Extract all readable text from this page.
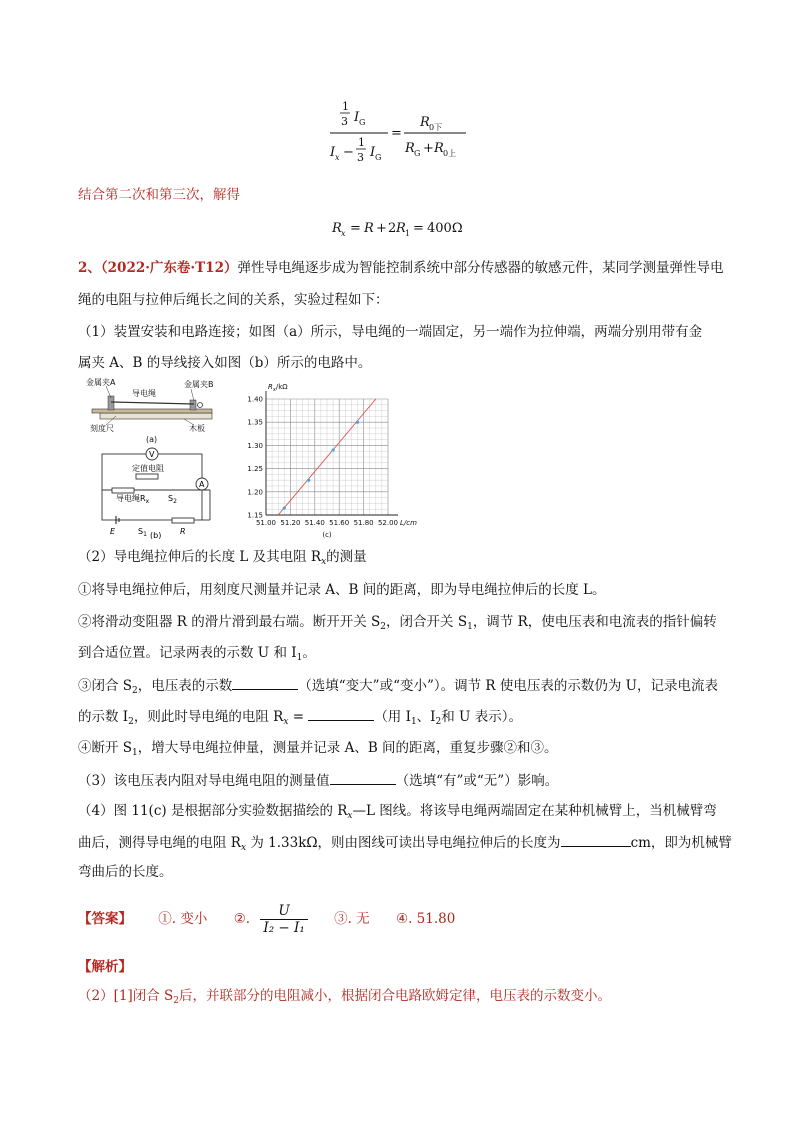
1
3 I G
I x −
1
3 I G
=
R 0下
R G + R 0上
结合第二次和第三次，解得
R x = R + 2 R 1 = 400Ω
2、（2022·广东卷·T12）弹性导电绳逐步成为智能控制系统中部分传感器的敏感元件，某同学测量弹性导电
绳的电阻与拉伸后绳长之间的关系，实验过程如下：
（1）装置安装和电路连接；如图（a）所示，导电绳的一端固定，另一端作为拉伸端，两端分别用带有金
属夹 A、B 的导线接入如图（b）所示的电路中。
金属夹A
导电绳
金属夹B
刻度尺	木板
(a)
V
定值电阻
导电绳$R_x$ $S_2$
A
E	$S_1$	R
(b)
51.00 51.20 51.40 51.60 51.80 52.00
1.15
1.20
1.25
1.30
1.35
1.40
L/cm
$R_x/k\Omega$
(c)
（2）导电绳拉伸后的长度 L 及其电阻 $R_x$的测量
①将导电绳拉伸后，用刻度尺测量并记录 A、B 间的距离，即为导电绳拉伸后的长度 L。
②将滑动变阻器 R 的滑片滑到最右端。断开开关 $S_2$，闭合开关 $S_1$，调节 R，使电压表和电流表的指针偏转
到合适位置。记录两表的示数 U 和 $I_1$。
③闭合 $S_2$，电压表的示数	（选填“变大”或“变小”）。调节 R 使电压表的示数仍为 U，记录电流表
的示数 $I_2$，则此时导电绳的电阻 $R_x$ =	（用 $I_1$、$I_2$和 U 表示）。
④断开 $S_1$，增大导电绳拉伸量，测量并记录 A、B 间的距离，重复步骤②和③。
（3）该电压表内阻对导电绳电阻的测量值	（选填“有”或“无”）影响。
（4）图 11(c) 是根据部分实验数据描绘的 $R_x—L$ 图线。将该导电绳两端固定在某种机械臂上，当机械臂弯
曲后，测得导电绳的电阻 $R_x$ 为 1.33kΩ，则由图线可读出导电绳拉伸后的长度为	cm，即为机械臂
弯曲后的长度。
【答案】 ①. 变小 ②. $\frac{U}{\text{I₂ − I₁}}$ ③. 无 ④. 51.80
【解析】
（2）[1]闭合 $S_2$后，并联部分的电阻减小，根据闭合电路欧姆定律，电压表的示数变小。
